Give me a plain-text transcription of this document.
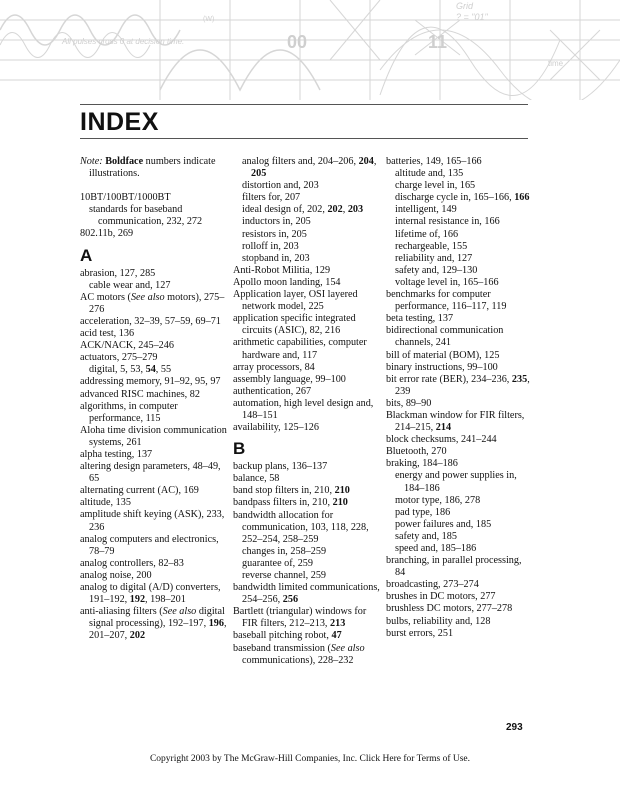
All pulses cross 0 at decision time.
(W)
00	11
Grid
? = "01"
time
INDEX
Note: Boldface numbers indicate illustrations.
10BT/100BT/1000BT
standards for baseband communication, 232, 272
802.11b, 269
A
abrasion, 127, 285
cable wear and, 127
AC motors (See also motors), 275–276
acceleration, 32–39, 57–59, 69–71
acid test, 136
ACK/NACK, 245–246
actuators, 275–279
digital, 5, 53, 54, 55
addressing memory, 91–92, 95, 97
advanced RISC machines, 82
algorithms, in computer performance, 115
Aloha time division communication systems, 261
alpha testing, 137
altering design parameters, 48–49, 65
alternating current (AC), 169
altitude, 135
amplitude shift keying (ASK), 233, 236
analog computers and electronics, 78–79
analog controllers, 82–83
analog noise, 200
analog to digital (A/D) converters, 191–192, 192, 198–201
anti-aliasing filters (See also digital signal processing), 192–197, 196, 201–207, 202
analog filters and, 204–206, 204, 205
distortion and, 203
filters for, 207
ideal design of, 202, 202, 203
inductors in, 205
resistors in, 205
rolloff in, 203
stopband in, 203
Anti-Robot Militia, 129
Apollo moon landing, 154
Application layer, OSI layered network model, 225
application specific integrated circuits (ASIC), 82, 216
arithmetic capabilities, computer hardware and, 117
array processors, 84
assembly language, 99–100
authentication, 267
automation, high level design and, 148–151
availability, 125–126
B
backup plans, 136–137
balance, 58
band stop filters in, 210, 210
bandpass filters in, 210, 210
bandwidth allocation for communication, 103, 118, 228, 252–254, 258–259
changes in, 258–259
guarantee of, 259
reverse channel, 259
bandwidth limited communications, 254–256, 256
Bartlett (triangular) windows for FIR filters, 212–213, 213
baseball pitching robot, 47
baseband transmission (See also communications), 228–232
batteries, 149, 165–166
altitude and, 135
charge level in, 165
discharge cycle in, 165–166, 166
intelligent, 149
internal resistance in, 166
lifetime of, 166
rechargeable, 155
reliability and, 127
safety and, 129–130
voltage level in, 165–166
benchmarks for computer performance, 116–117, 119
beta testing, 137
bidirectional communication channels, 241
bill of material (BOM), 125
binary instructions, 99–100
bit error rate (BER), 234–236, 235, 239
bits, 89–90
Blackman window for FIR filters, 214–215, 214
block checksums, 241–244
Bluetooth, 270
braking, 184–186
energy and power supplies in, 184–186
motor type, 186, 278
pad type, 186
power failures and, 185
safety and, 185
speed and, 185–186
branching, in parallel processing, 84
broadcasting, 273–274
brushes in DC motors, 277
brushless DC motors, 277–278
bulbs, reliability and, 128
burst errors, 251
293
Copyright 2003 by The McGraw-Hill Companies, Inc. Click Here for Terms of Use.
